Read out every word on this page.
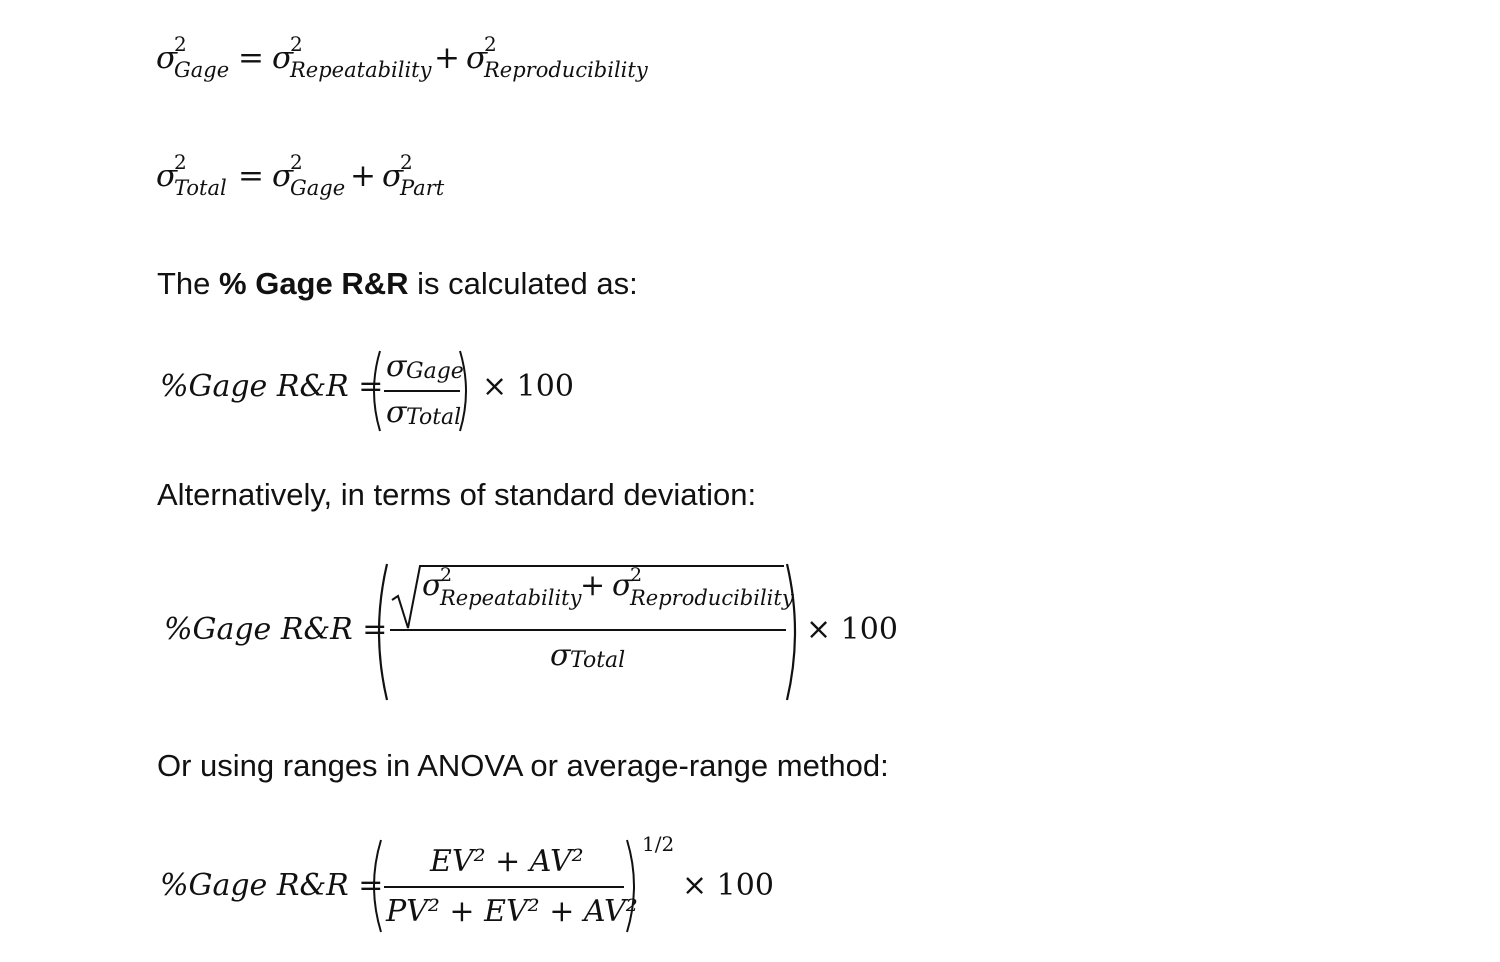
σ
2
Gage = σ
2
Repeatability + σ
2
Reproducibility
σ
2
Total = σ
2
Gage + σ
2
Part
The % Gage R&R is calculated as:
%Gage R&R =
σ Gage
σ Total
× 100
Alternatively, in terms of standard deviation:
%Gage R&R =
σ
2
Repeatability
+ σ
2
Reproducibility
σ Total
× 100
Or using ranges in ANOVA or average-range method:
%Gage R&R =
EV² + AV²
PV² + EV² + AV²
1/2
× 100
